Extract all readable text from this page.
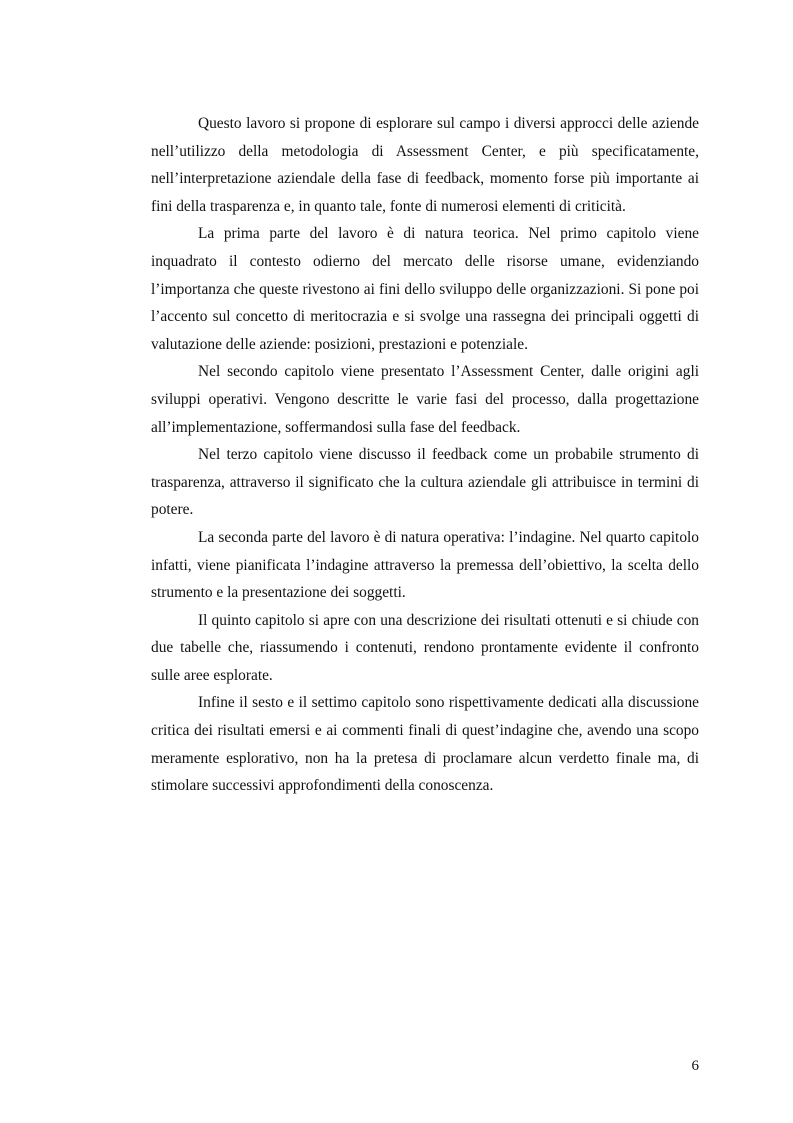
Questo lavoro si propone di esplorare sul campo i diversi approcci delle aziende nell’utilizzo della metodologia di Assessment Center, e più specificatamente, nell’interpretazione aziendale della fase di feedback, momento forse più importante ai fini della trasparenza e, in quanto tale, fonte di numerosi elementi di criticità.

La prima parte del lavoro è di natura teorica. Nel primo capitolo viene inquadrato il contesto odierno del mercato delle risorse umane, evidenziando l’importanza che queste rivestono ai fini dello sviluppo delle organizzazioni. Si pone poi l’accento sul concetto di meritocrazia e si svolge una rassegna dei principali oggetti di valutazione delle aziende: posizioni, prestazioni e potenziale.

Nel secondo capitolo viene presentato l’Assessment Center, dalle origini agli sviluppi operativi. Vengono descritte le varie fasi del processo, dalla progettazione all’implementazione, soffermandosi sulla fase del feedback.

Nel terzo capitolo viene discusso il feedback come un probabile strumento di trasparenza, attraverso il significato che la cultura aziendale gli attribuisce in termini di potere.

La seconda parte del lavoro è di natura operativa: l’indagine. Nel quarto capitolo infatti, viene pianificata l’indagine attraverso la premessa dell’obiettivo, la scelta dello strumento e la presentazione dei soggetti.

Il quinto capitolo si apre con una descrizione dei risultati ottenuti e si chiude con due tabelle che, riassumendo i contenuti, rendono prontamente evidente il confronto sulle aree esplorate.

Infine il sesto e il settimo capitolo sono rispettivamente dedicati alla discussione critica dei risultati emersi e ai commenti finali di quest’indagine che, avendo una scopo meramente esplorativo, non ha la pretesa di proclamare alcun verdetto finale ma, di stimolare successivi approfondimenti della conoscenza.

6
